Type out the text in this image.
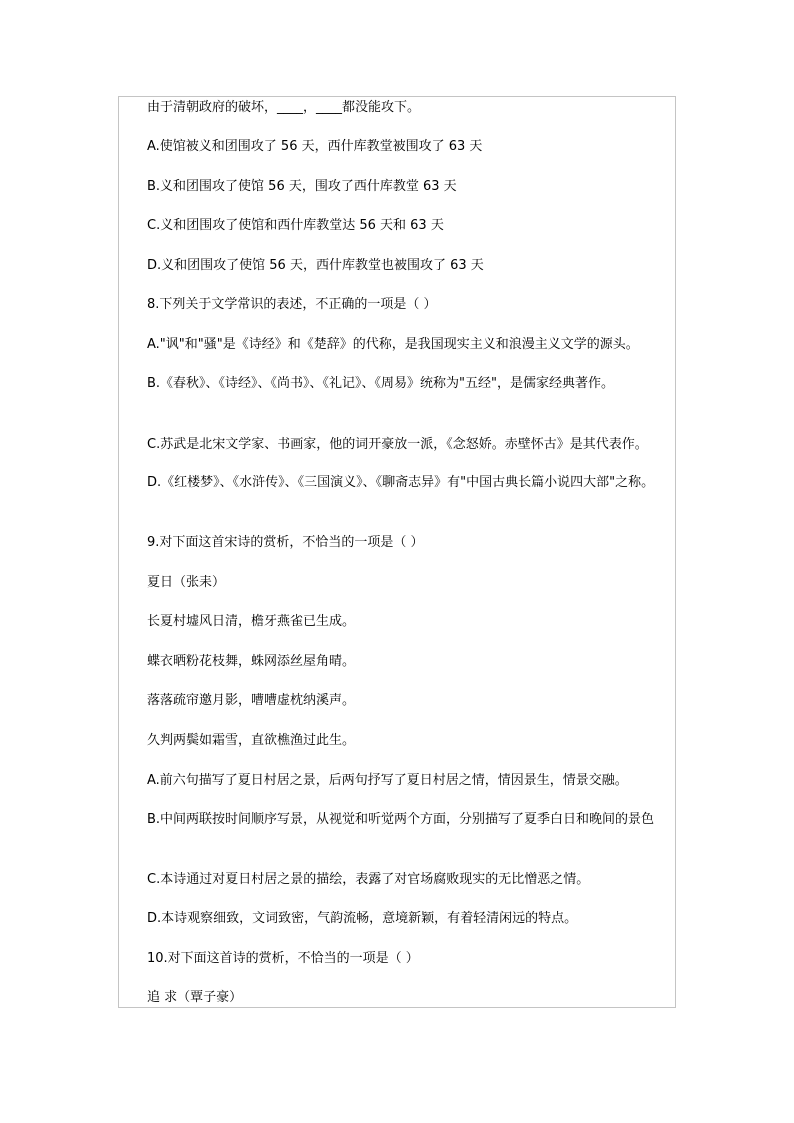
由于清朝政府的破坏，____，____都没能攻下。

A.使馆被义和团围攻了 56 天，西什库教堂被围攻了 63 天

B.义和团围攻了使馆 56 天，围攻了西什库教堂 63 天

C.义和团围攻了使馆和西什库教堂达 56 天和 63 天

D.义和团围攻了使馆 56 天，西什库教堂也被围攻了 63 天

8.下列关于文学常识的表述，不正确的一项是（ ）

A."讽"和"骚"是《诗经》和《楚辞》的代称，是我国现实主义和浪漫主义文学的源头。

B.《春秋》、《诗经》、《尚书》、《礼记》、《周易》统称为"五经"，是儒家经典著作。

C.苏武是北宋文学家、书画家，他的词开豪放一派，《念怒娇。赤壁怀古》是其代表作。

D.《红楼梦》、《水浒传》、《三国演义》、《聊斋志异》有"中国古典长篇小说四大部"之称。

9.对下面这首宋诗的赏析，不恰当的一项是（ ）

夏日（张耒）

长夏村墟风日清，檐牙燕雀已生成。

蝶衣晒粉花枝舞，蛛网添丝屋角晴。

落落疏帘邀月影，嘈嘈虚枕纳溪声。

久判两鬓如霜雪，直欲樵渔过此生。

A.前六句描写了夏日村居之景，后两句抒写了夏日村居之情，情因景生，情景交融。

B.中间两联按时间顺序写景，从视觉和听觉两个方面，分别描写了夏季白日和晚间的景色

C.本诗通过对夏日村居之景的描绘，表露了对官场腐败现实的无比憎恶之情。

D.本诗观察细致，文词致密，气韵流畅，意境新颖，有着轻清闲远的特点。

10.对下面这首诗的赏析，不恰当的一项是（ ）

追 求（覃子豪）
